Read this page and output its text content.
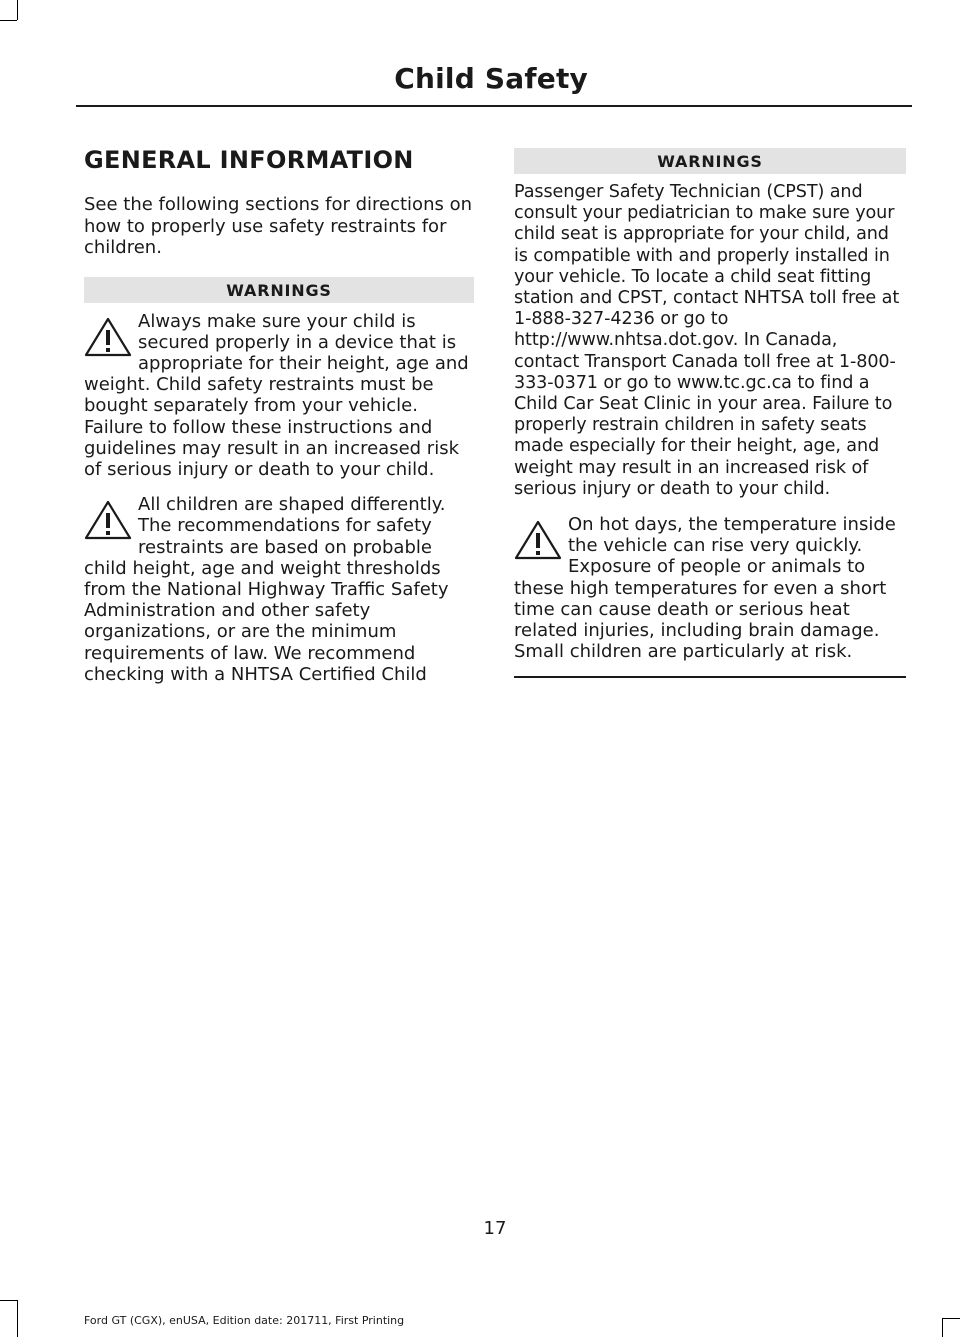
Child Safety
GENERAL INFORMATION

See the following sections for directions on how to properly use safety restraints for children.

WARNINGS
Always make sure your child is secured properly in a device that is appropriate for their height, age and weight. Child safety restraints must be bought separately from your vehicle. Failure to follow these instructions and guidelines may result in an increased risk of serious injury or death to your child.
All children are shaped differently. The recommendations for safety restraints are based on probable child height, age and weight thresholds from the National Highway Traffic Safety Administration and other safety organizations, or are the minimum requirements of law. We recommend checking with a NHTSA Certified Child
WARNINGS

Passenger Safety Technician (CPST) and consult your pediatrician to make sure your child seat is appropriate for your child, and is compatible with and properly installed in your vehicle. To locate a child seat fitting station and CPST, contact NHTSA toll free at 1-888-327-4236 or go to http://www.nhtsa.dot.gov. In Canada, contact Transport Canada toll free at 1-800-333-0371 or go to www.tc.gc.ca to find a Child Car Seat Clinic in your area. Failure to properly restrain children in safety seats made especially for their height, age, and weight may result in an increased risk of serious injury or death to your child.

On hot days, the temperature inside the vehicle can rise very quickly. Exposure of people or animals to these high temperatures for even a short time can cause death or serious heat related injuries, including brain damage. Small children are particularly at risk.
17
Ford GT (CGX), enUSA, Edition date: 201711, First Printing
